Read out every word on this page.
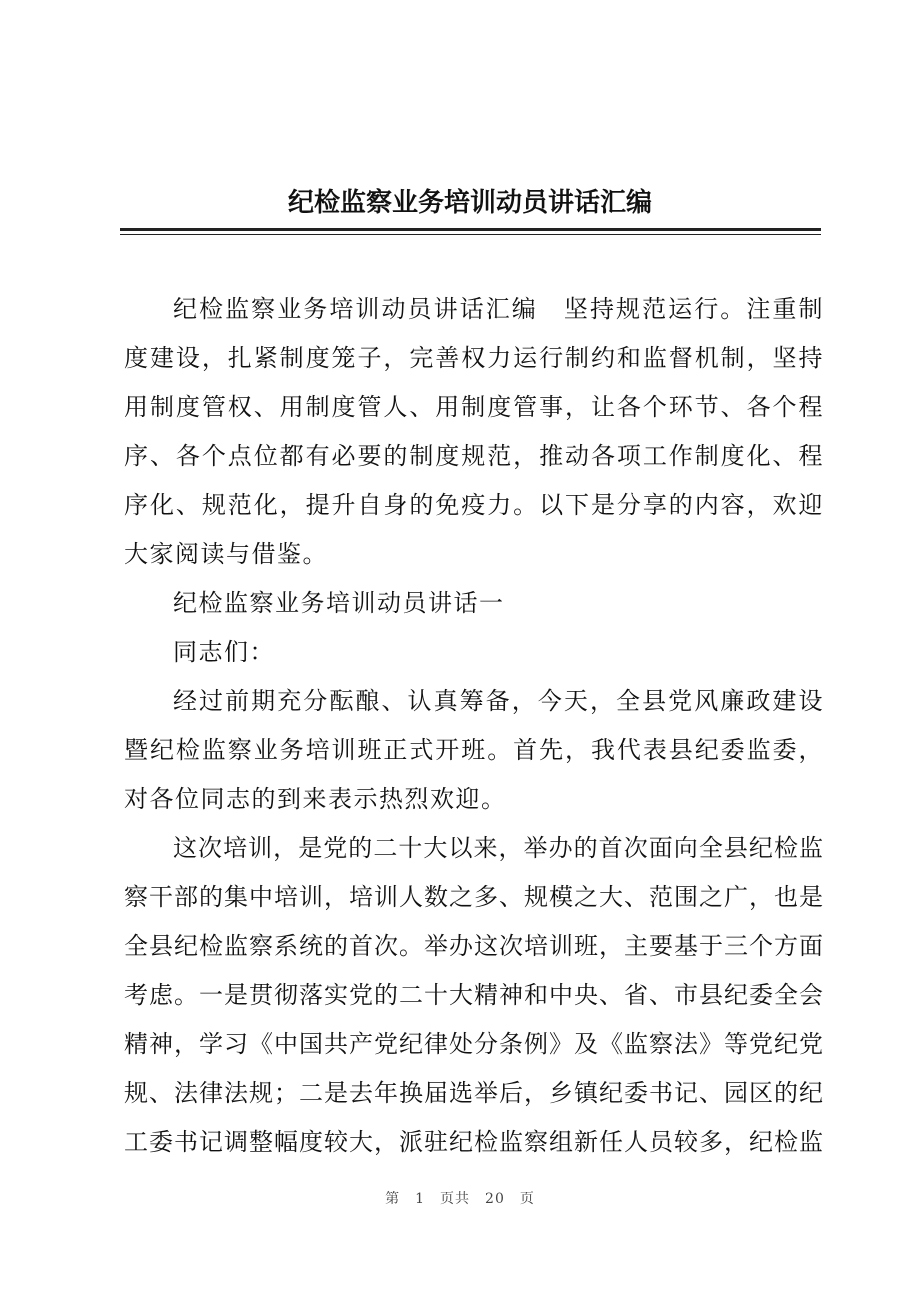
纪检监察业务培训动员讲话汇编

纪检监察业务培训动员讲话汇编　坚持规范运行。注重制度建设，扎紧制度笼子，完善权力运行制约和监督机制，坚持用制度管权、用制度管人、用制度管事，让各个环节、各个程序、各个点位都有必要的制度规范，推动各项工作制度化、程序化、规范化，提升自身的免疫力。以下是分享的内容，欢迎大家阅读与借鉴。

纪检监察业务培训动员讲话一

同志们：

经过前期充分酝酿、认真筹备，今天，全县党风廉政建设暨纪检监察业务培训班正式开班。首先，我代表县纪委监委，对各位同志的到来表示热烈欢迎。

这次培训，是党的二十大以来，举办的首次面向全县纪检监察干部的集中培训，培训人数之多、规模之大、范围之广，也是全县纪检监察系统的首次。举办这次培训班，主要基于三个方面考虑。一是贯彻落实党的二十大精神和中央、省、市县纪委全会精神，学习《中国共产党纪律处分条例》及《监察法》等党纪党规、法律法规；二是去年换届选举后，乡镇纪委书记、园区的纪工委书记调整幅度较大，派驻纪检监察组新任人员较多，纪检监

第　1　页共　20　页
